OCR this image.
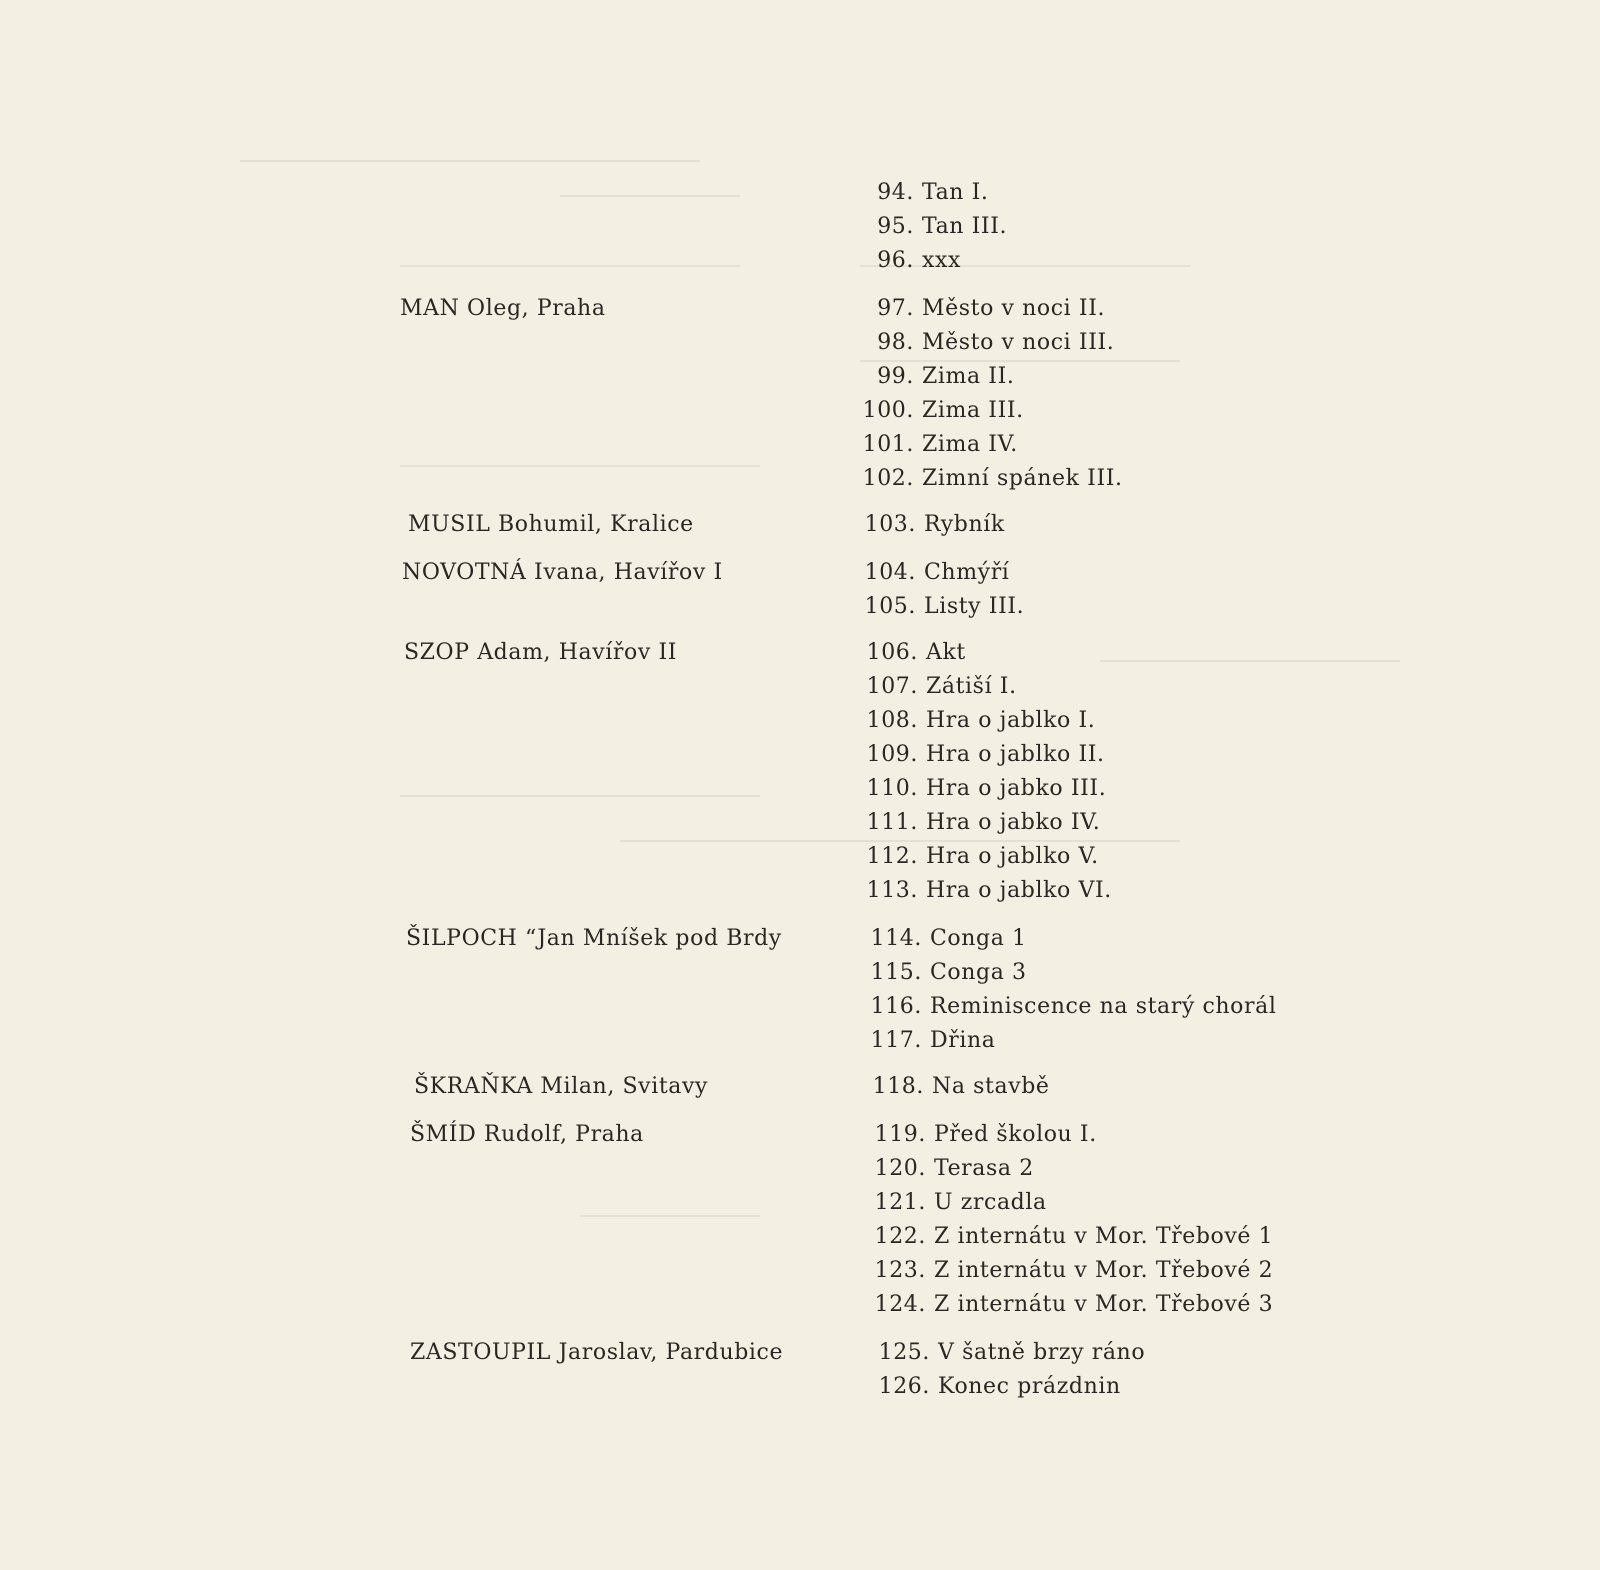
94. Tan I.
95. Tan III.
96. xxx
MAN Oleg, Praha	97. Město v noci II.
98. Město v noci III.
99. Zima II.
100. Zima III.
101. Zima IV.
102. Zimní spánek III.
MUSIL Bohumil, Kralice	103. Rybník
NOVOTNÁ Ivana, Havířov I	104. Chmýří
105. Listy III.
SZOP Adam, Havířov II	106. Akt
107. Zátiší I.
108. Hra o jablko I.
109. Hra o jablko II.
110. Hra o jabko III.
111. Hra o jabko IV.
112. Hra o jablko V.
113. Hra o jablko VI.
ŠILPOCH “Jan Mníšek pod Brdy	114. Conga 1
115. Conga 3
116. Reminiscence na starý chorál
117. Dřina
ŠKRAŇKA Milan, Svitavy	118. Na stavbě
ŠMÍD Rudolf, Praha	119. Před školou I.
120. Terasa 2
121. U zrcadla
122. Z internátu v Mor. Třebové 1
123. Z internátu v Mor. Třebové 2
124. Z internátu v Mor. Třebové 3
ZASTOUPIL Jaroslav, Pardubice	125. V šatně brzy ráno
126. Konec prázdnin
